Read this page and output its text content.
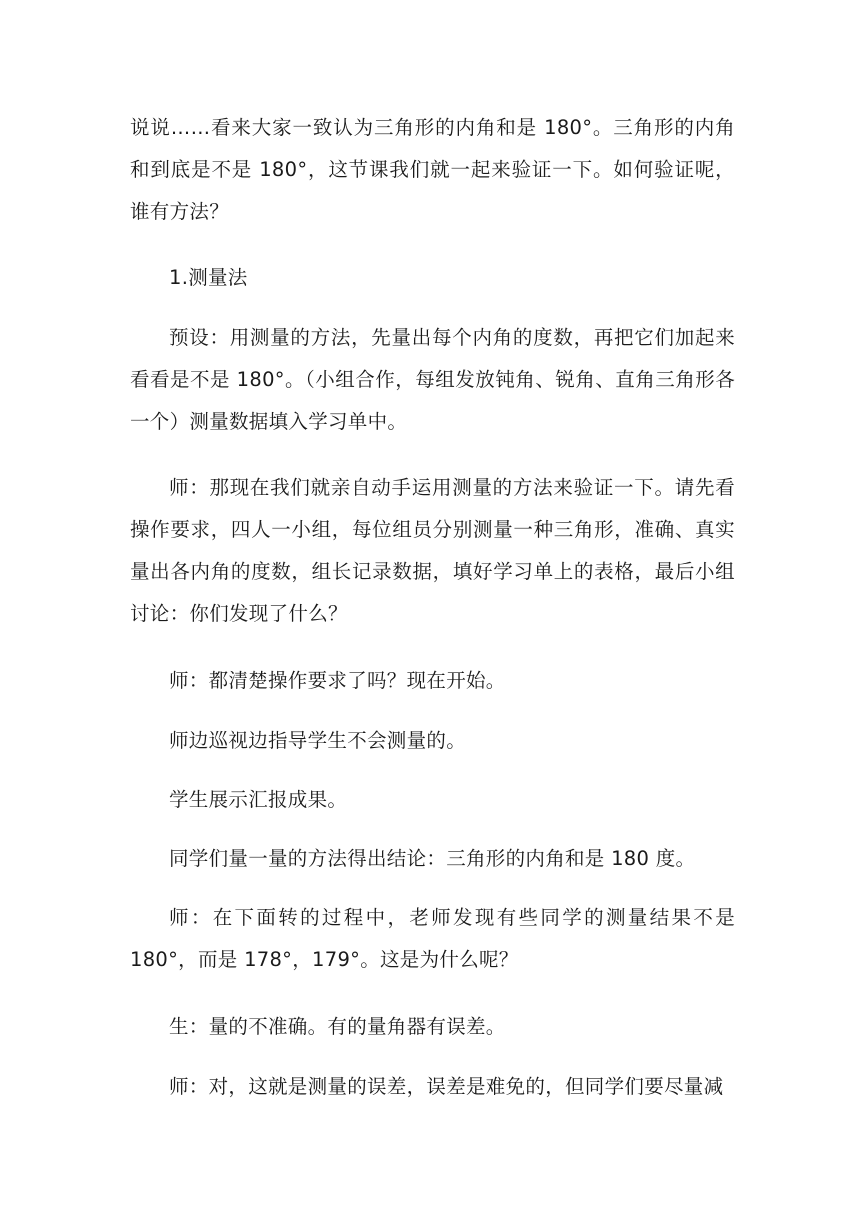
说说……看来大家一致认为三角形的内角和是 180°。三角形的内角和到底是不是 180°，这节课我们就一起来验证一下。如何验证呢，谁有方法？

1.测量法

预设：用测量的方法，先量出每个内角的度数，再把它们加起来看看是不是 180°。（小组合作，每组发放钝角、锐角、直角三角形各一个）测量数据填入学习单中。

师：那现在我们就亲自动手运用测量的方法来验证一下。请先看操作要求，四人一小组，每位组员分别测量一种三角形，准确、真实量出各内角的度数，组长记录数据，填好学习单上的表格，最后小组讨论：你们发现了什么？

师：都清楚操作要求了吗？现在开始。

师边巡视边指导学生不会测量的。

学生展示汇报成果。

同学们量一量的方法得出结论：三角形的内角和是 180 度。

师：在下面转的过程中，老师发现有些同学的测量结果不是 180°，而是 178°，179°。这是为什么呢？

生：量的不准确。有的量角器有误差。

师：对，这就是测量的误差，误差是难免的，但同学们要尽量减
